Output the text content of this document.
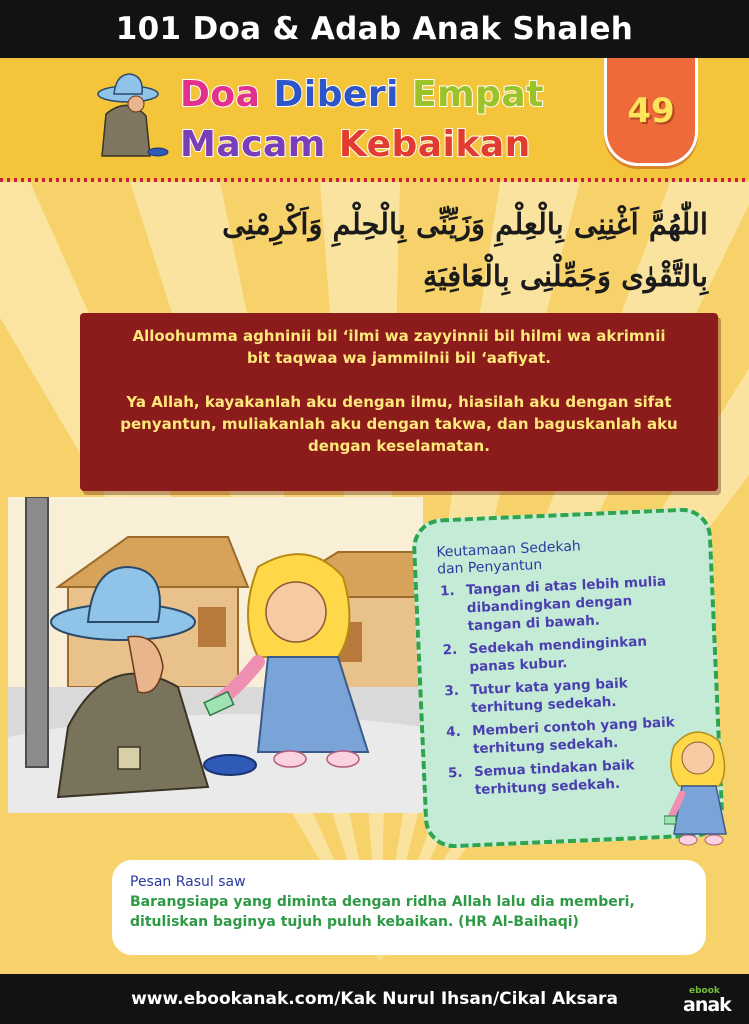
101 Doa & Adab Anak Shaleh
Doa Diberi Empat
Macam Kebaikan
49
اللّٰهُمَّ اَغْنِنِى بِالْعِلْمِ وَزَيِّنِّى بِالْحِلْمِ وَاَكْرِمْنِى بِالتَّقْوٰى وَجَمِّلْنِى بِالْعَافِيَةِ
Alloohumma aghninii bil ‘ilmi wa zayyinnii bil hilmi wa akrimnii
bit taqwaa wa jammilnii bil ‘aafiyat.
Ya Allah, kayakanlah aku dengan ilmu, hiasilah aku dengan sifat
penyantun, muliakanlah aku dengan takwa, dan baguskanlah aku
dengan keselamatan.
Keutamaan Sedekah
dan Penyantun
1. Tangan di atas lebih mulia
dibandingkan dengan
tangan di bawah.
2. Sedekah mendinginkan
panas kubur.
3. Tutur kata yang baik
terhitung sedekah.
4. Memberi contoh yang baik
terhitung sedekah.
5. Semua tindakan baik
terhitung sedekah.
Pesan Rasul saw
Barangsiapa yang diminta dengan ridha Allah lalu dia memberi,
dituliskan baginya tujuh puluh kebaikan. (HR Al-Baihaqi)
www.ebookanak.com/Kak Nurul Ihsan/Cikal Aksara	ebook
anak
